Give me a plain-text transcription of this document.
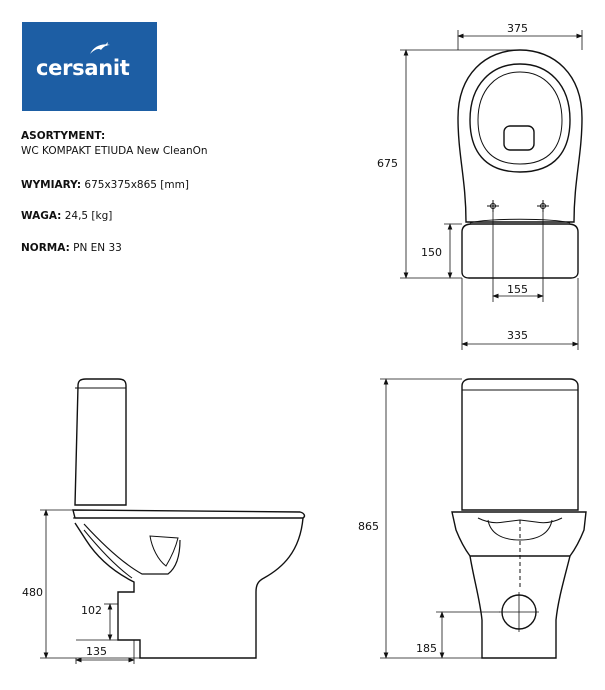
cersanit
ASORTYMENT:
WC KOMPAKT ETIUDA New CleanOn
WYMIARY: 675x375x865 [mm]
WAGA: 24,5 [kg]
NORMA: PN EN 33
375
675
150
155
335
480
102
135
865
185
